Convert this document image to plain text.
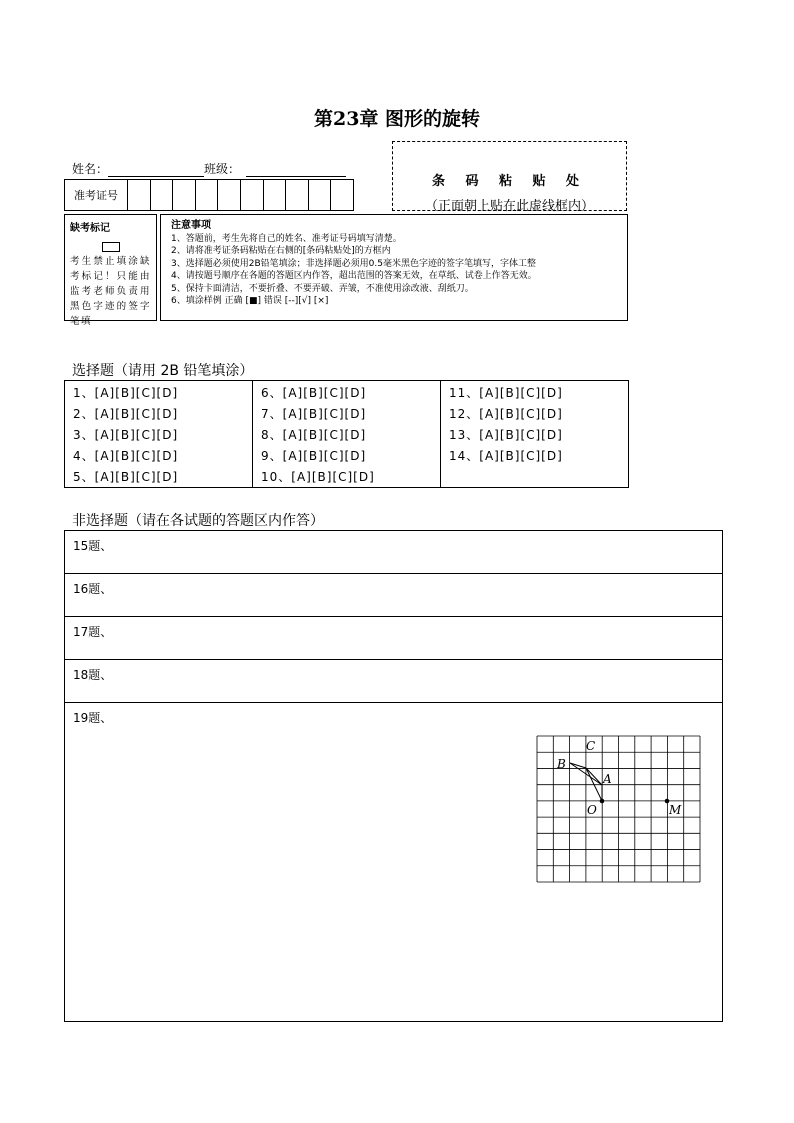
第23章 图形的旋转
姓名：	班级：
准考证号
条 码 粘 贴 处
（正面朝上贴在此虚线框内）
缺考标记
考生禁止填涂缺考标记！只能由监考老师负责用黑色字迹的签字笔填
注意事项
1、答题前，考生先将自己的姓名、准考证号码填写清楚。
2、请将准考证条码粘贴在右侧的[条码粘贴处]的方框内
3、选择题必须使用2B铅笔填涂；非选择题必须用0.5毫米黑色字迹的签字笔填写，字体工整
4、请按题号顺序在各题的答题区内作答，超出范围的答案无效，在草纸、试卷上作答无效。
5、保持卡面清洁，不要折叠、不要弄破、弄皱，不准使用涂改液、刮纸刀。
6、填涂样例 正确 [■] 错误 [--][√] [×]
选择题（请用 2B 铅笔填涂）
1、[A][B][C][D]
2、[A][B][C][D]
3、[A][B][C][D]
4、[A][B][C][D]
5、[A][B][C][D]
6、[A][B][C][D]
7、[A][B][C][D]
8、[A][B][C][D]
9、[A][B][C][D]
10、[A][B][C][D]
11、[A][B][C][D]
12、[A][B][C][D]
13、[A][B][C][D]
14、[A][B][C][D]
非选择题（请在各试题的答题区内作答）
15题、
16题、
17题、
18题、
19题、
C
B
A
O	M
